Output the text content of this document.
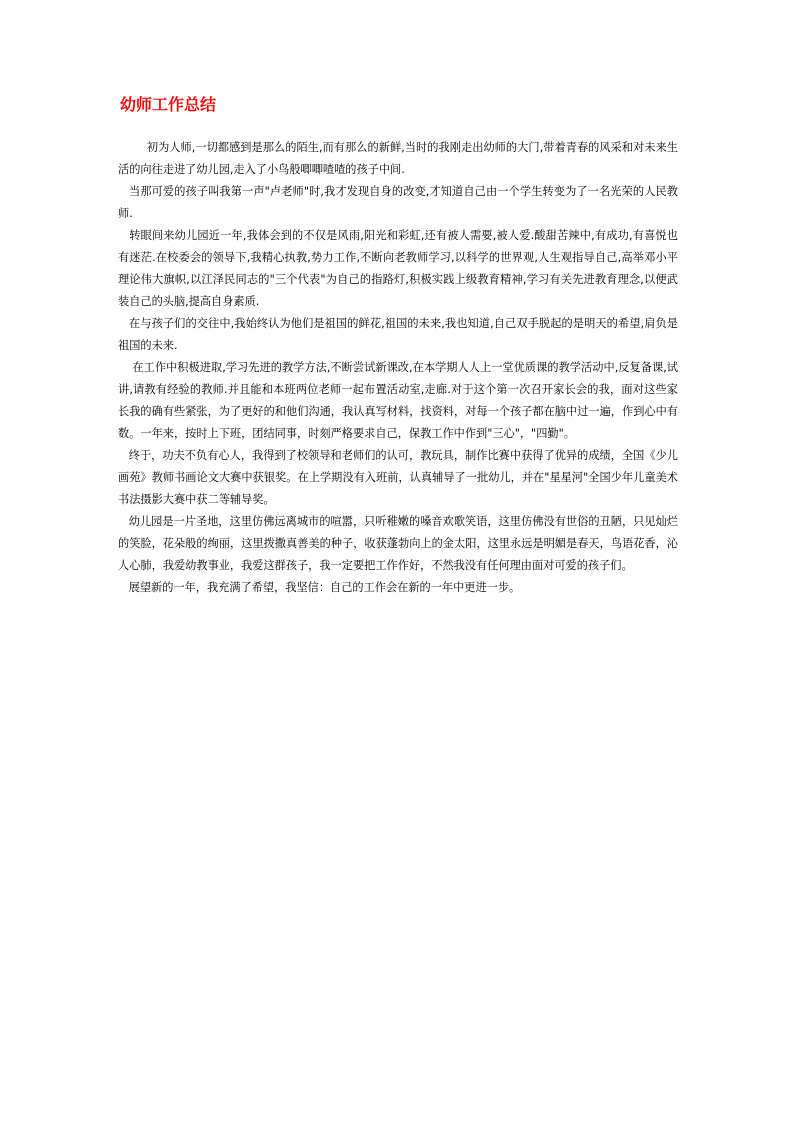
幼师工作总结

初为人师,一切都感到是那么的陌生,而有那么的新鲜,当时的我刚走出幼师的大门,带着青春的风采和对未来生活的向往走进了幼儿园,走入了小鸟般唧唧喳喳的孩子中间.

当那可爱的孩子叫我第一声"卢老师"时,我才发现自身的改变,才知道自己由一个学生转变为了一名光荣的人民教师.

转眼间来幼儿园近一年,我体会到的不仅是风雨,阳光和彩虹,还有被人需要,被人爱.酸甜苦辣中,有成功,有喜悦也有迷茫.在校委会的领导下,我精心执教,势力工作,不断向老教师学习,以科学的世界观,人生观指导自己,高举邓小平理论伟大旗帜,以江泽民同志的"三个代表"为自己的指路灯,积极实践上级教育精神,学习有关先进教育理念,以便武装自己的头脑,提高自身素质.

在与孩子们的交往中,我始终认为他们是祖国的鲜花,祖国的未来,我也知道,自己双手脱起的是明天的希望,肩负是祖国的未来.

在工作中积极进取,学习先进的教学方法,不断尝试新课改,在本学期人人上一堂优质课的教学活动中,反复备课,试讲,请教有经验的教师.并且能和本班两位老师一起布置活动室,走廊.对于这个第一次召开家长会的我，面对这些家长我的确有些紧张，为了更好的和他们沟通，我认真写材料，找资料，对每一个孩子都在脑中过一遍，作到心中有数。一年来，按时上下班，团结同事，时刻严格要求自己，保教工作中作到"三心"，"四勤"。

终于，功夫不负有心人，我得到了校领导和老师们的认可，教玩具，制作比赛中获得了优异的成绩，全国《少儿画苑》教师书画论文大赛中获银奖。在上学期没有入班前，认真辅导了一批幼儿，并在"星星河"全国少年儿童美术书法摄影大赛中获二等辅导奖。

幼儿园是一片圣地，这里仿佛远离城市的喧嚣，只听稚嫩的嗓音欢歌笑语，这里仿佛没有世俗的丑陋，只见灿烂的笑脸，花朵般的绚丽，这里拨撒真善美的种子，收获蓬勃向上的金太阳，这里永远是明媚是春天，鸟语花香，沁人心肺，我爱幼教事业，我爱这群孩子，我一定要把工作作好，不然我没有任何理由面对可爱的孩子们。

展望新的一年，我充满了希望，我坚信：自己的工作会在新的一年中更进一步。
